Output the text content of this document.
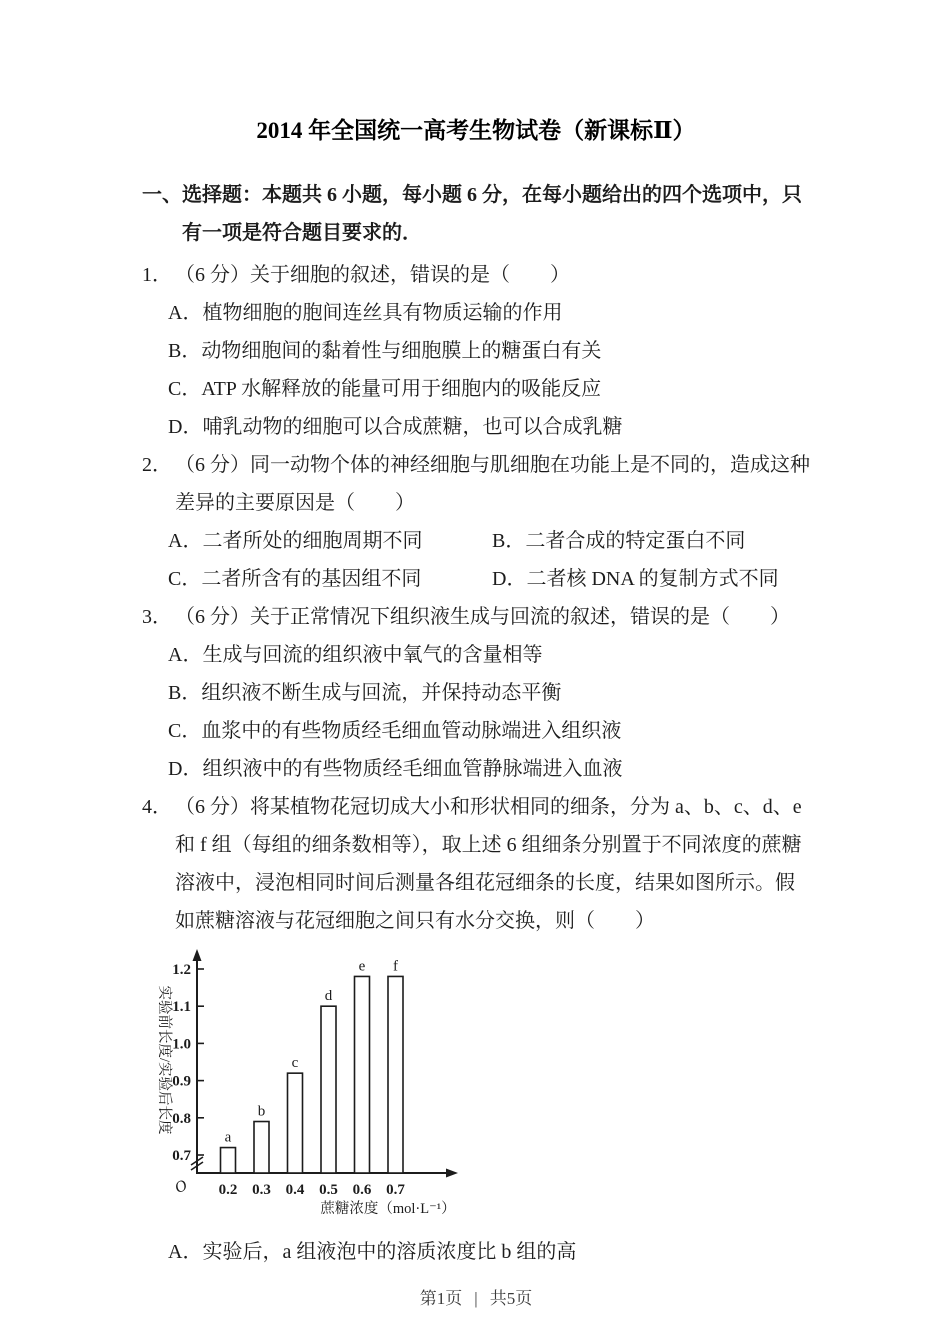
2014 年全国统一高考生物试卷（新课标Ⅱ）
一、 选择题：本题共 6 小题，每小题 6 分，在每小题给出的四个选项中，只有一项是符合题目要求的．
1． （6 分）关于细胞的叙述，错误的是（　　）
A．植物细胞的胞间连丝具有物质运输的作用
B．动物细胞间的黏着性与细胞膜上的糖蛋白有关
C．ATP 水解释放的能量可用于细胞内的吸能反应
D．哺乳动物的细胞可以合成蔗糖，也可以合成乳糖
2． （6 分）同一动物个体的神经细胞与肌细胞在功能上是不同的，造成这种差异的主要原因是（　　）
A．二者所处的细胞周期不同	B．二者合成的特定蛋白不同
C．二者所含有的基因组不同	D．二者核 DNA 的复制方式不同
3． （6 分）关于正常情况下组织液生成与回流的叙述，错误的是（　　）
A．生成与回流的组织液中氧气的含量相等
B．组织液不断生成与回流，并保持动态平衡
C．血浆中的有些物质经毛细血管动脉端进入组织液
D．组织液中的有些物质经毛细血管静脉端进入血液
4． （6 分）将某植物花冠切成大小和形状相同的细条，分为 a、b、c、d、e 和 f 组（每组的细条数相等），取上述 6 组细条分别置于不同浓度的蔗糖溶液中，浸泡相同时间后测量各组花冠细条的长度，结果如图所示。假如蔗糖溶液与花冠细胞之间只有水分交换，则（　　）
0.7
0.8
0.9
1.0
1.1
1.2
O
a
0.2
b
0.3
c
0.4
d
0.5
e
0.6
f
0.7
蔗糖浓度（mol·L⁻¹）
实验前长度/实验后长度
A．实验后，a 组液泡中的溶质浓度比 b 组的高
第1页 | 共5页
